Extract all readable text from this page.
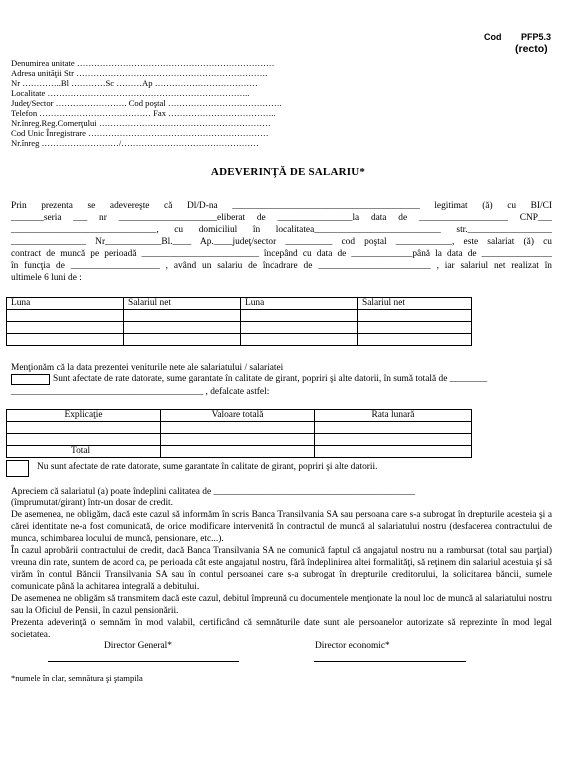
Cod PFP5.3
(recto)
Denumirea unitate ……………………………………………………………
Adresa unităţii Str ………………………………………………………….
Nr …………..Bl …………Sc ………Ap ………………………………
Localitate ……………………………………………………………..
Judeţ/Sector ……………………. Cod poştal ………………………………….
Telefon ………………………………… Fax ………………………………..
Nr.înreg.Reg.Comerţului ……………………………………………………
Cod Unic Înregistrare ………………………………………………………
Nr.înreg ………………………/…………………………………………
ADEVERINŢĂ DE SALARIU*
Prin prezenta se adevereşte că Dl/D-na ________________________________________ legitimat (ă) cu BI/CI
_______seria ___ nr _____________________eliberat de ________________la data de ___________________ CNP___
_______________________________, cu domiciliul în localitatea___________________________ str.__________________
________________ Nr____________Bl.____ Ap.____judeţ/sector __________ cod poştal ____________, este salariat (ă) cu
contract de muncă pe perioadă _________________________ începând cu data de _____________până la data de _______________
în funcţia de ___________________ , având un salariu de încadrare de ________________________ , iar salariul net realizat în
ultimele 6 luni de :
Luna	Salariul net	Luna	Salariul net

Menţionăm că la data prezentei veniturile nete ale salariatului / salariatei
Sunt afectate de rate datorate, sume garantate în calitate de girant, popriri şi alte datorii, în sumă totală de ________
_________________________________________ , defalcate astfel:
Explicaţie	Valoare totală	Rata lunară

Total		
Nu sunt afectate de rate datorate, sume garantate în calitate de girant, popriri şi alte datorii.
Apreciem că salariatul (a) poate îndeplini calitatea de ___________________________________________
(împrumutat/girant) într-un dosar de credit.
De asemenea, ne obligăm, dacă este cazul să informăm în scris Banca Transilvania SA sau persoana care s-a subrogat în drepturile acesteia şi a cărei identitate ne-a fost comunicată, de orice modificare intervenită în contractul de muncă al salariatului nostru (desfacerea contractului de munca, schimbarea locului de muncă, pensionare, etc...).
În cazul aprobării contractului de credit, dacă Banca Transilvania SA ne comunică faptul că angajatul nostru nu a rambursat (total sau parţial) vreuna din rate, suntem de acord ca, pe perioada cât este angajatul nostru, fără îndeplinirea altei formalităţi, să reţinem din salariul acestuia şi să virăm în contul Băncii Transilvania SA sau în contul persoanei care s-a subrogat în drepturile creditorului, la solicitarea băncii, sumele comunicate până la achitarea integrală a debitului.
De asemenea ne obligăm să transmitem dacă este cazul, debitul împreună cu documentele menţionate la noul loc de muncă al salariatului nostru sau la Oficiul de Pensii, în cazul pensionării.
Prezenta adeverinţă o semnăm în mod valabil, certificând că semnăturile date sunt ale persoanelor autorizate să reprezinte în mod legal societatea.
Director General*	Director economic*
*numele în clar, semnătura şi ştampila
